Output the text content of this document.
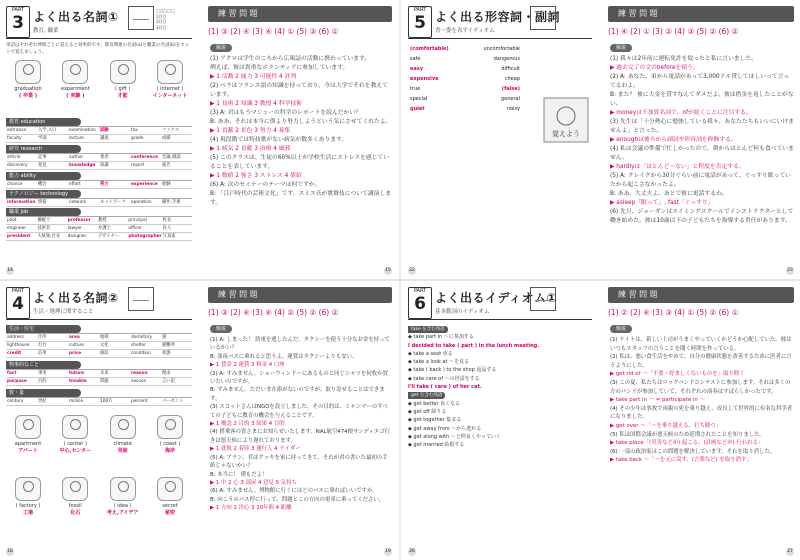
PART
3 よく出る名詞①
教育, 職業
□□□□□
1回目
2回目
3回目
単語はそれぞれ仲間ごとに覚えると効率的です。教育関連の名詞(a)と職業の名詞(b)をセットで覚えましょう。
graduation
( 卒業 )
experiment
( 実験 )
( gift )
才能
( internet )
インターネット
教育 education
entrance	入学,入口	examination 試験	fax	ファクス
faculty	学部	lecture	講義	grade	成績
研究 research
article	記事	author	著者	conference 会議,相談
discovery	発見	knowledge	知識	report	報告
能力 ability
chance	機会	effort	努力	experience 経験
テクノロジー technology
information 情報	network	ネットワーク	operation	操作,手術
職業 job
pilot	操縦士	professor	教授	principal	校長
engineer	技術者	lawyer	弁護士	officer	役人
president	大統領,社長	designer	デザイナー	photographer 写真家
14
練 習 問 題
(1) ③ (2) ④ (3) ④ (4) ① (5) ③ (6) ①
解説
(1) アクロは学生のころから広報誌の活動に携わっています。
例えば、彼は貴重なボランティアに参加しています。
▶ 1 活動 2 能力 3 可能性 4 評判
(2) ベラはフランス語の知識を持っており、今は大学でそれを教えています。
▶ 1 技術 2 知識 3 教授 4 科学技術
(3) A: 君はもうマシューの科学のレポートを読んだかい？
B: ああ、それは本当に僕より努力しようという気にさせてくれたよ。
▶ 1 貢献 2 景色 3 努力 4 募集
(4) 現段階では特技歌がない病気が数多くあります。
▶ 1 病気 2 貢献 3 治療 4 風邪
(5) このクラスは、生徒の60%以上が学校生活にストレスを感じていることを表しています。
▶ 1 数値 2 強さ 3 ストレス 4 債給
(6) A: 次のセミナーのテーマは何ですか。
B: 「江戸時代の芸術文化」です。スミス氏が歌舞伎について講演します。
15
PART
5 よく出る形容詞・副詞
書～姿を表すイディオム
(comfortable)	uncomfortable
safe	dangerous
easy	difficult
expensive	cheap
true	(false)
special	general
quiet	noisy
覚えよう
22
練 習 問 題
(1) ④ (2) ① (3) ② (4) ③ (5) ② (6) ②
解説
(1) 我々は2年前に運転免許を取ったと私に言いました。
▶ 過去完了の文のbeforeを使う。
(2) A: あなた、弟から電話があって3,000ドル貸してほしいって言ってるわよ。
B: また？ 彼に大金を貸すなんてダメだよ。彼は借金を返したことがない。
▶ moneyは不加算名詞で、ofが続くことに注目する。
(3) 先生は「十分熱心に勉強している我々、あなたたちもいいにいけませんよ」と言った。
▶ enoughは後ろから副詞や形容詞を修飾する。
(4) 私は会議の準備で忙しかったので、朝からほとんど何も食べていません。
▶ hardlyは「ほとんど～ない」と程度を否定する。
(5) A: クレイグから30分ぐらい前に電話があって、ぐっすり眠っていたから起こさなかったよ。
B: ああ、大丈夫よ。あとで彼に電話するわ。
▶ asleep「眠って」, fast「ぐっすり」
(6) 先月、ジョーダンはスイミングスクールでインストラクターとして働き始めた。彼は10歳以下の子どもたちを指導する責任があります。
23
PART
4 よく出る名詞②
生活・地理に関すること
生活・住宅
address	住所	area	地域	dormitory	寮
lighthouse	灯台	culture	文化	shelter	避難所
credit	信用	price	値段	condition	状態
物事的なこと
fact	事実	future	未来	reason	理由
purpose	目的	trouble	問題	excuse	言い訳
数・量
century	世紀	million	100万	percent	パーセント
apartment
アパート
( center )
中心,センター
climate
気候
( coast )
海岸
( factory )
工場
fossil
化石
( idea )
考え,アイデア
secret
秘密
18
練 習 問 題
(1) ③ (2) ④ (3) ④ (4) ② (5) ② (6) ②
解説
(1) A: しまった！ 終電を逃したんだ。タクシーを使う十分なお金を持っているかい？
B: 深夜バスに乗れると思うよ。運賃はタクシーよりも安い。
▶ 1 賃金 2 運賃 3 料金 4 口座
(2) A: すみません。ショーウィンドーにあるものと同じシャツを何枚か買いたいのですが。
B: すみません。ただいま在庫がないのですが、取り寄せることはできます。
(3) スコットさんはNGOを設立しました。その目的は、ミャンマーのすべての子どもに教育の機会を与えることです。
▶ 1 概念 2 目的 3 結果 4 目的
(4) 搭乗客の皆さまにお知らせいたします。NAL航空474便サンディエゴ行きは悪天候により遅れております。
▶ 1 就航 2 着陸 3 運行人 4 ライダー
(5) A: アラン、君はクッキを家に持ってきて、それが君の書いた最初の手紙じゃないかい？
B: 本当に！ 僕もだよ！
▶ 1 中 2 心 3 部屋 4 意見 5 気持ち
(6) A: すみません。博物館に行くにはどのバスに乗ればいいですか。
B: 向こうのバス停に行って、問題とこの方向の電車に乗ってください。
▶ 1 方向 2 決心 3 10年間 4 距離
19
PART
6 よく出るイディオム①
基本動詞のイディオム
take を含む熟語
◆ take part in ～に参加する
I decided to take ( part ) in the lunch meeting.
◆ take a seat 座る
◆ take a look at ～を見る
◆ take ( back ) to the shop 返品する
◆ take care of ～の世話をする
I'll take ( care ) of her cat.
get を含む熟語
◆ get better 良くなる
◆ get off 降りる
◆ get together 集まる
◆ get away from ～から逃れる
◆ get along with ～と仲良くやっていく
◆ get married 結婚する
26
練 習 問 題
(1) ② (2) ④ (3) ③ (4) ① (5) ② (6) ①
解説
(1) ケイトは、新しい上司がうまくやっていくかどうか心配していた。彼はいつもスタッフの言うことを聞く時間を作っている。
(2) 私は、悪い食生活をやめて、自分の健康状態を改善するために医者に言うようにした。
▶ get rid of ～「不要・好ましくないものを」取り除く
(3) この夏、私たちはロックバンドコンテストに参加します。それは多くの方のバンドが参加していて、それぞれの演奏はすばらしかったです。
▶ take part in ～ = participate in ～
(4) その少年は事故で両親の死を乗り越え、成長して世界的に有名な科学者になりました。
▶ get over ～「～を乗り越える、打ち勝つ」
(5) 私は国際会議が悪天候のため延期されたことを知りました。
▶ take place「(災害などが) 起こる、(計画などが) 行われる」
(6) 一部の政治家はこの問題を解決しています。それを取り消した。
▶ take back ～「～を元に戻す、(言葉など) を取り消す」
27
